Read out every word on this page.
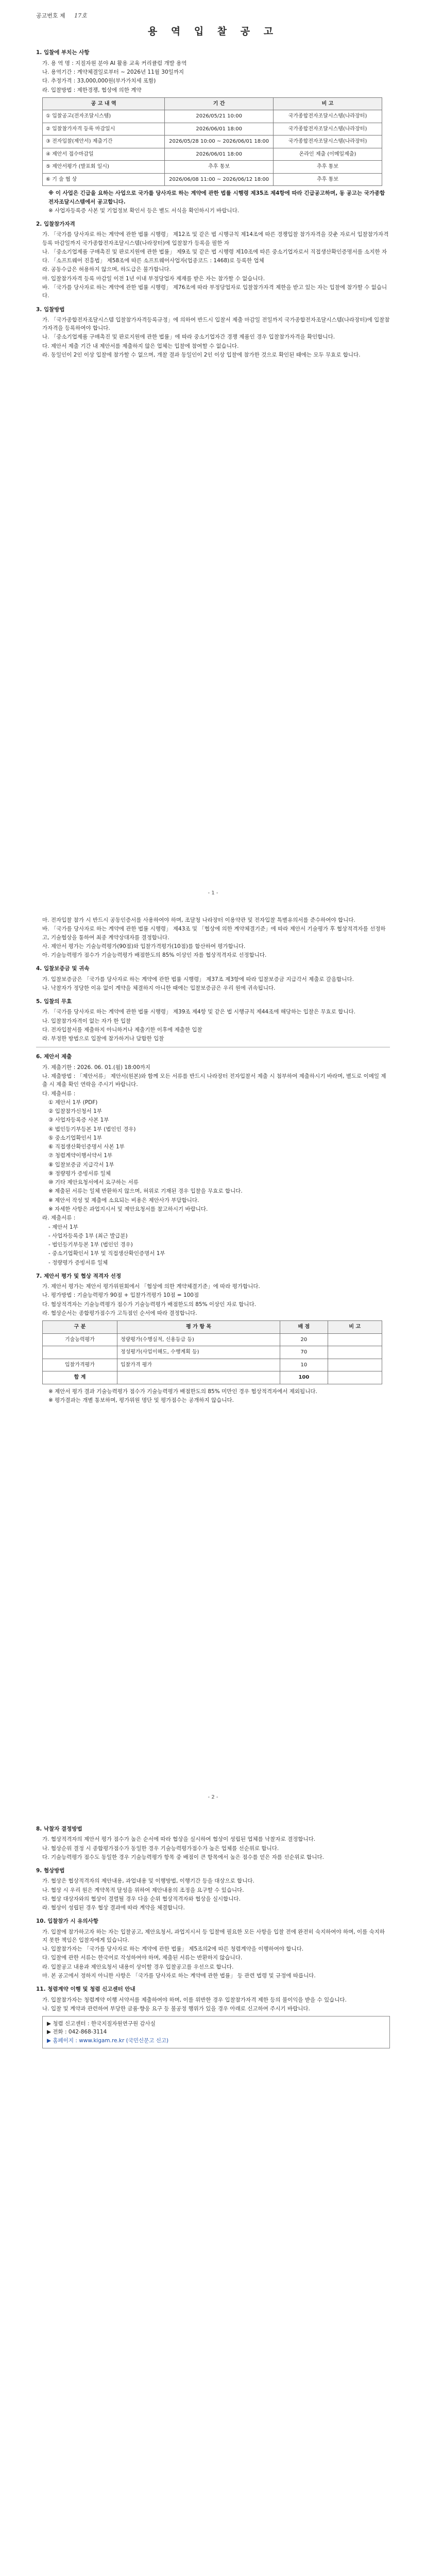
공고번호 제 17호
용 역 입 찰 공 고
1. 입찰에 부치는 사항
가. 용 역 명 : 지질자원 분야 AI 활용 교육 커리큘럼 개발 용역
나. 용역기간 : 계약체결일로부터 ~ 2026년 11월 30일까지
다. 추정가격 : 33,000,000원(부가가치세 포함)
라. 입찰방법 : 제한경쟁, 협상에 의한 계약
공 고 내 역	기 간	비 고
① 입찰공고(전자조달시스템)	2026/05/21 10:00	국가종합전자조달시스템(나라장터)
② 입찰참가자격 등록 마감일시	2026/06/01 18:00	국가종합전자조달시스템(나라장터)
③ 전자입찰(제안서) 제출기간	2026/05/28 10:00 ~ 2026/06/01 18:00	국가종합전자조달시스템(나라장터)
④ 제안서 접수마감일	2026/06/01 18:00	온라인 제출 (이메일제출)
⑤ 제안서평가 (발표회 일시)	추후 통보	추후 통보
⑥ 기 술 협 상	2026/06/08 11:00 ~ 2026/06/12 18:00	추후 통보
※ 이 사업은 긴급을 요하는 사업으로 국가를 당사자로 하는 계약에 관한 법률 시행령 제35조 제4항에 따라 긴급공고하며, 동 공고는 국가종합전자조달시스템에서 공고합니다.
※ 사업자등록증 사본 및 기업정보 확인서 등은 별도 서식을 확인하시기 바랍니다.
2. 입찰참가자격
가. 「국가를 당사자로 하는 계약에 관한 법률 시행령」 제12조 및 같은 법 시행규칙 제14조에 따른 경쟁입찰 참가자격을 갖춘 자로서 입찰참가자격 등록 마감일까지 국가종합전자조달시스템(나라장터)에 입찰참가 등록을 필한 자
나. 「중소기업제품 구매촉진 및 판로지원에 관한 법률」 제9조 및 같은 법 시행령 제10조에 따른 중소기업자로서 직접생산확인증명서를 소지한 자
다. 「소프트웨어 진흥법」 제58조에 따른 소프트웨어사업자(업종코드 : 1468)로 등록한 업체
라. 공동수급은 허용하지 않으며, 하도급은 불가합니다.
마. 입찰참가자격 등록 마감일 이전 1년 이내 부정당업자 제재를 받은 자는 참가할 수 없습니다.
바. 「국가를 당사자로 하는 계약에 관한 법률 시행령」 제76조에 따라 부정당업자로 입찰참가자격 제한을 받고 있는 자는 입찰에 참가할 수 없습니다.
3. 입찰방법
가. 「국가종합전자조달시스템 입찰참가자격등록규정」에 의하여 반드시 입찰서 제출 마감일 전일까지 국가종합전자조달시스템(나라장터)에 입찰참가자격을 등록하여야 합니다.
나. 「중소기업제품 구매촉진 및 판로지원에 관한 법률」에 따라 중소기업자간 경쟁 제품인 경우 입찰참가자격을 확인합니다.
다. 제안서 제출 기간 내 제안서를 제출하지 않은 업체는 입찰에 참여할 수 없습니다.
라. 동일인이 2인 이상 입찰에 참가할 수 없으며, 개찰 결과 동일인이 2인 이상 입찰에 참가한 것으로 확인된 때에는 모두 무효로 합니다.
- 1 -
마. 전자입찰 참가 시 반드시 공동인증서를 사용하여야 하며, 조달청 나라장터 이용약관 및 전자입찰 특별유의서를 준수하여야 합니다.
바. 「국가를 당사자로 하는 계약에 관한 법률 시행령」 제43조 및 「협상에 의한 계약체결기준」에 따라 제안서 기술평가 후 협상적격자를 선정하고, 기술협상을 통하여 최종 계약상대자를 결정합니다.
사. 제안서 평가는 기술능력평가(90점)와 입찰가격평가(10점)를 합산하여 평가합니다.
아. 기술능력평가 점수가 기술능력평가 배점한도의 85% 이상인 자를 협상적격자로 선정합니다.
4. 입찰보증금 및 귀속
가. 입찰보증금은 「국가를 당사자로 하는 계약에 관한 법률 시행령」 제37조 제3항에 따라 입찰보증금 지급각서 제출로 갈음합니다.
나. 낙찰자가 정당한 이유 없이 계약을 체결하지 아니한 때에는 입찰보증금은 우리 원에 귀속됩니다.
5. 입찰의 무효
가. 「국가를 당사자로 하는 계약에 관한 법률 시행령」 제39조 제4항 및 같은 법 시행규칙 제44조에 해당하는 입찰은 무효로 합니다.
나. 입찰참가자격이 없는 자가 한 입찰
다. 전자입찰서를 제출하지 아니하거나 제출기한 이후에 제출한 입찰
라. 부정한 방법으로 입찰에 참가하거나 담합한 입찰
6. 제안서 제출
가. 제출기한 : 2026. 06. 01.(월) 18:00까지
나. 제출방법 : 「제안서류」 제안서(원본)와 함께 모든 서류를 반드시 나라장터 전자입찰서 제출 시 첨부하여 제출하시기 바라며, 별도로 이메일 제출 시 제출 확인 연락을 주시기 바랍니다.
다. 제출서류 :
① 제안서 1부 (PDF)
② 입찰참가신청서 1부
③ 사업자등록증 사본 1부
④ 법인등기부등본 1부 (법인인 경우)
⑤ 중소기업확인서 1부
⑥ 직접생산확인증명서 사본 1부
⑦ 청렴계약이행서약서 1부
⑧ 입찰보증금 지급각서 1부
⑨ 정량평가 증빙서류 일체
⑩ 기타 제안요청서에서 요구하는 서류
※ 제출된 서류는 일체 반환하지 않으며, 허위로 기재된 경우 입찰을 무효로 합니다.
※ 제안서 작성 및 제출에 소요되는 비용은 제안사가 부담합니다.
※ 자세한 사항은 과업지시서 및 제안요청서를 참고하시기 바랍니다.
라. 제출서류 :
- 제안서 1부
- 사업자등록증 1부 (최근 발급분)
- 법인등기부등본 1부 (법인인 경우)
- 중소기업확인서 1부 및 직접생산확인증명서 1부
- 정량평가 증빙서류 일체
7. 제안서 평가 및 협상 적격자 선정
가. 제안서 평가는 제안서 평가위원회에서 「협상에 의한 계약체결기준」에 따라 평가합니다.
나. 평가방법 : 기술능력평가 90점 + 입찰가격평가 10점 = 100점
다. 협상적격자는 기술능력평가 점수가 기술능력평가 배점한도의 85% 이상인 자로 합니다.
라. 협상순서는 종합평가점수가 고득점인 순서에 따라 결정합니다.
구 분	평 가 항 목	배 점	비 고
기술능력평가	정량평가(수행실적, 신용등급 등)	20	
	정성평가(사업이해도, 수행계획 등)	70	
입찰가격평가	입찰가격 평가	10	
합 계		100	
※ 제안서 평가 결과 기술능력평가 점수가 기술능력평가 배점한도의 85% 미만인 경우 협상적격자에서 제외됩니다.
※ 평가결과는 개별 통보하며, 평가위원 명단 및 평가점수는 공개하지 않습니다.
- 2 -
8. 낙찰자 결정방법
가. 협상적격자의 제안서 평가 점수가 높은 순서에 따라 협상을 실시하여 협상이 성립된 업체를 낙찰자로 결정합니다.
나. 협상순위 결정 시 종합평가점수가 동일한 경우 기술능력평가점수가 높은 업체를 선순위로 합니다.
다. 기술능력평가 점수도 동일한 경우 기술능력평가 항목 중 배점이 큰 항목에서 높은 점수를 얻은 자를 선순위로 합니다.
9. 협상방법
가. 협상은 협상적격자의 제안내용, 과업내용 및 이행방법, 이행기간 등을 대상으로 합니다.
나. 협상 시 우리 원은 계약목적 달성을 위하여 제안내용의 조정을 요구할 수 있습니다.
다. 협상 대상자와의 협상이 결렬될 경우 다음 순위 협상적격자와 협상을 실시합니다.
라. 협상이 성립된 경우 협상 결과에 따라 계약을 체결합니다.
10. 입찰참가 시 유의사항
가. 입찰에 참가하고자 하는 자는 입찰공고, 제안요청서, 과업지시서 등 입찰에 필요한 모든 사항을 입찰 전에 완전히 숙지하여야 하며, 이를 숙지하지 못한 책임은 입찰자에게 있습니다.
나. 입찰참가자는 「국가를 당사자로 하는 계약에 관한 법률」 제5조의2에 따른 청렴계약을 이행하여야 합니다.
다. 입찰에 관한 서류는 한국어로 작성하여야 하며, 제출된 서류는 반환하지 않습니다.
라. 입찰공고 내용과 제안요청서 내용이 상이할 경우 입찰공고를 우선으로 합니다.
마. 본 공고에서 정하지 아니한 사항은 「국가를 당사자로 하는 계약에 관한 법률」 등 관련 법령 및 규정에 따릅니다.
11. 청렴계약 이행 및 청렴 신고센터 안내
가. 입찰참가자는 청렴계약 이행 서약서를 제출하여야 하며, 이를 위반한 경우 입찰참가자격 제한 등의 불이익을 받을 수 있습니다.
나. 입찰 및 계약과 관련하여 부당한 금품·향응 요구 등 불공정 행위가 있을 경우 아래로 신고하여 주시기 바랍니다.
▶ 청렴 신고센터 : 한국지질자원연구원 감사실
▶ 전화 : 042-868-3114
▶ 홈페이지 : www.kigam.re.kr (국민신문고 신고)
